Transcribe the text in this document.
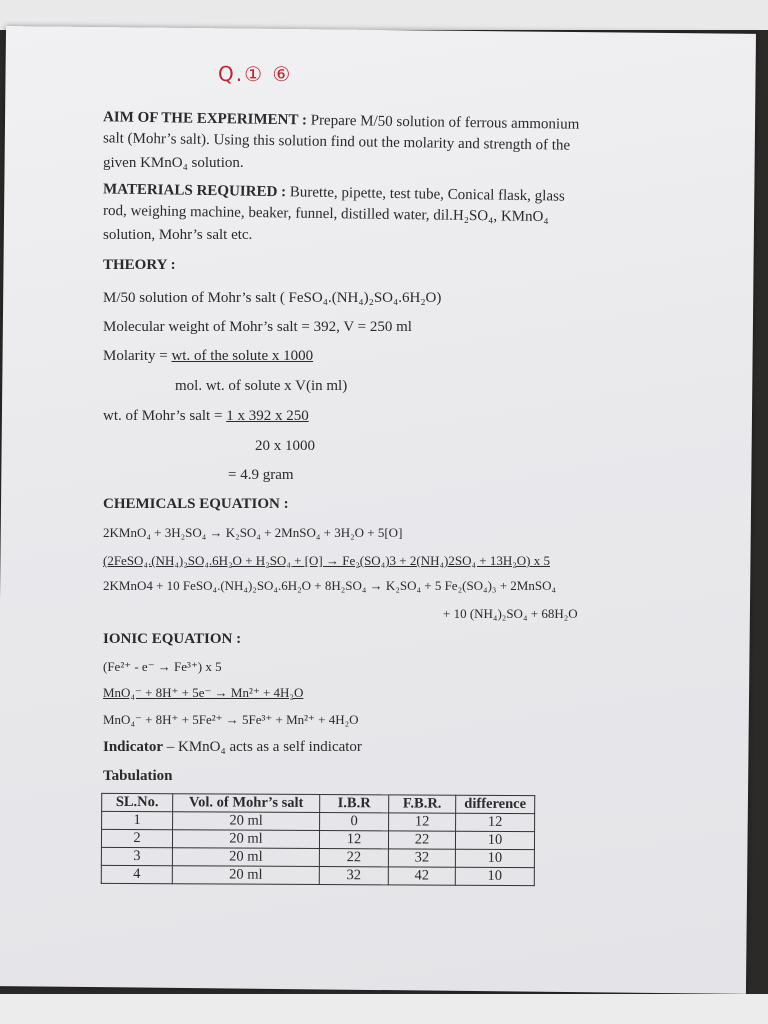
Q.① ⑥
AIM OF THE EXPERIMENT : Prepare M/50 solution of ferrous ammonium
salt (Mohr’s salt). Using this solution find out the molarity and strength of the
given KMnO₄ solution.
MATERIALS REQUIRED : Burette, pipette, test tube, Conical flask, glass
rod, weighing machine, beaker, funnel, distilled water, dil.H₂SO₄, KMnO₄
solution, Mohr’s salt etc.
THEORY :
M/50 solution of Mohr’s salt ( FeSO₄.(NH₄)₂SO₄.6H₂O)
Molecular weight of Mohr’s salt = 392, V = 250 ml
Molarity = wt. of the solute x 1000
mol. wt. of solute x V(in ml)
wt. of Mohr’s salt = 1 x 392 x 250
20 x 1000
= 4.9 gram
CHEMICALS EQUATION :
2KMnO₄ + 3H₂SO₄ → K₂SO₄ + 2MnSO₄ + 3H₂O + 5[O]
(2FeSO₄.(NH₄)₂SO₄.6H₂O + H₂SO₄ + [O] → Fe₂(SO₄)3 + 2(NH₄)2SO₄ + 13H₂O) x 5
2KMnO4 + 10 FeSO₄.(NH₄)₂SO₄.6H₂O + 8H₂SO₄ → K₂SO₄ + 5 Fe₂(SO₄)₃ + 2MnSO₄
+ 10 (NH₄)₂SO₄ + 68H₂O
IONIC EQUATION :
(Fe²⁺ - e⁻ → Fe³⁺) x 5
MnO₄⁻ + 8H⁺ + 5e⁻ → Mn²⁺ + 4H₂O
MnO₄⁻ + 8H⁺ + 5Fe²⁺ → 5Fe³⁺ + Mn²⁺ + 4H₂O
Indicator – KMnO₄ acts as a self indicator
Tabulation
SL.No.	Vol. of Mohr’s salt	I.B.R	F.B.R.	difference
1	20 ml	0	12	12
2	20 ml	12	22	10
3	20 ml	22	32	10
4	20 ml	32	42	10
